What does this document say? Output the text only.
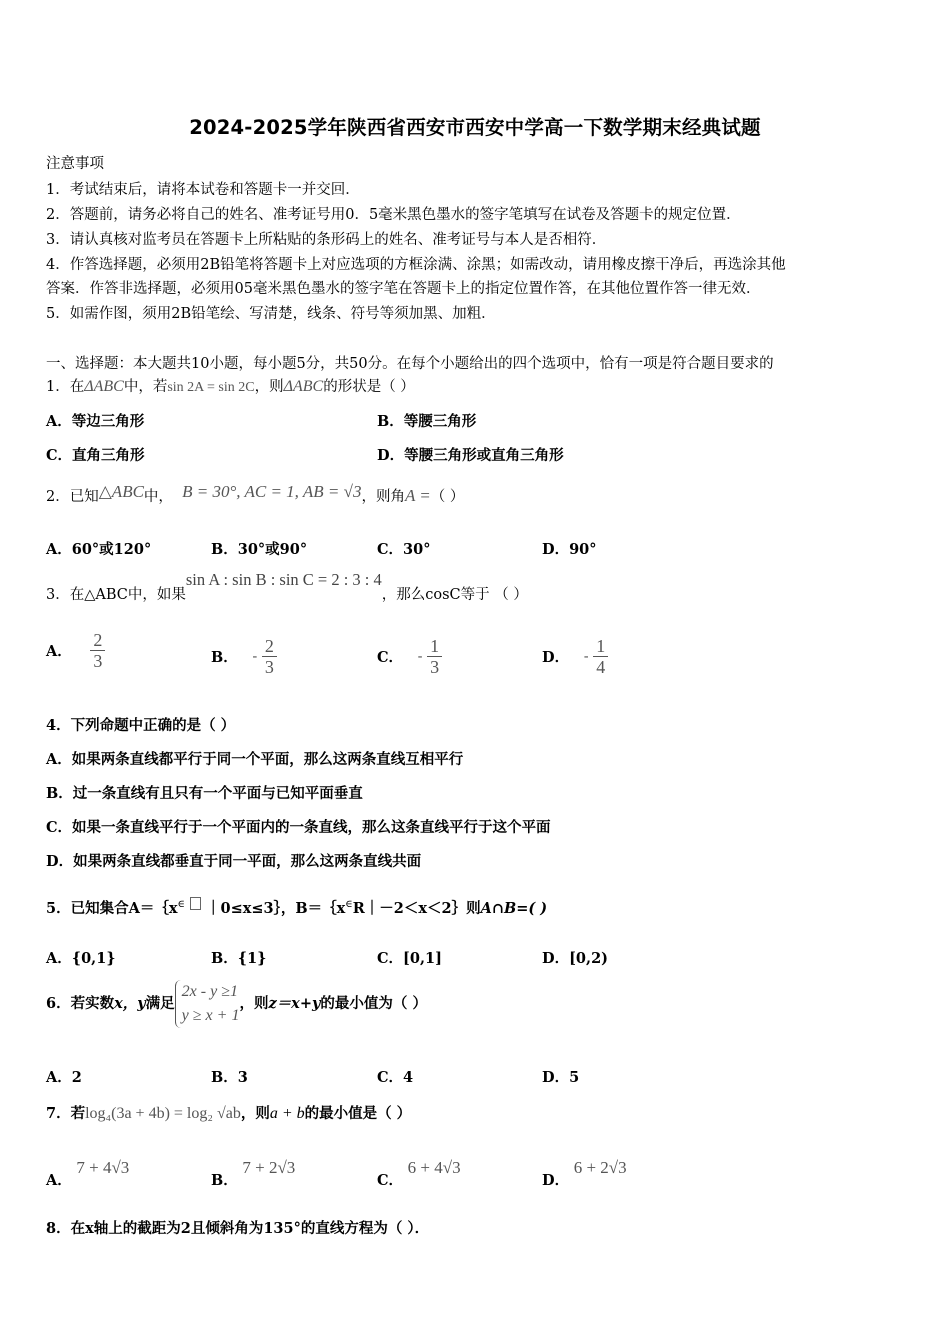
2024-2025学年陕西省西安市西安中学高一下数学期末经典试题
注意事项
1．考试结束后，请将本试卷和答题卡一并交回．
2．答题前，请务必将自己的姓名、准考证号用0．5毫米黑色墨水的签字笔填写在试卷及答题卡的规定位置．
3．请认真核对监考员在答题卡上所粘贴的条形码上的姓名、准考证号与本人是否相符．
4．作答选择题，必须用2B铅笔将答题卡上对应选项的方框涂满、涂黑；如需改动，请用橡皮擦干净后，再选涂其他
答案．作答非选择题，必须用05毫米黑色墨水的签字笔在答题卡上的指定位置作答，在其他位置作答一律无效．
5．如需作图，须用2B铅笔绘、写清楚，线条、符号等须加黑、加粗．
一、选择题：本大题共10小题，每小题5分，共50分。在每个小题给出的四个选项中，恰有一项是符合题目要求的
1．在ΔABC中，若sin 2A = sin 2C，则ΔABC的形状是（ ）
A．等边三角形	B．等腰三角形
C．直角三角形	D．等腰三角形或直角三角形
2．已知△ABC中， B = 30°, AC = 1, AB = √3，则角A =（ ）
A．60°或120°	B．30°或90°	C．30°	D．90°
3．在△ABC中，如果sin A : sin B : sin C = 2 : 3 : 4，那么cosC等于 （ ）
A． $\frac{2}{3}$	B． - $\frac{2}{3}$	C． - $\frac{1}{3}$	D． - $\frac{1}{4}$
4．下列命题中正确的是（ ）
A．如果两条直线都平行于同一个平面，那么这两条直线互相平行
B．过一条直线有且只有一个平面与已知平面垂直
C．如果一条直线平行于一个平面内的一条直线，那么这条直线平行于这个平面
D．如果两条直线都垂直于同一平面，那么这两条直线共面
5．已知集合A＝｛x∈ ｜0≤x≤3｝，B＝｛x∈R｜－2＜x＜2｝则A∩B=( )
A．{0,1}	B．{1}	C．[0,1]	D．[0,2)
6．若实数x，y满足
2x - y ≥1
y ≥ x + 1
，则z＝x+y的最小值为（ ）
A．2	B．3	C．4	D．5
7．若log₄(3a + 4b) = log₂ √ab，则a + b的最小值是（ ）
A． 7 + 4√3
B． 7 + 2√3
C． 6 + 4√3
D． 6 + 2√3
8．在x轴上的截距为2且倾斜角为135°的直线方程为（ ）．
